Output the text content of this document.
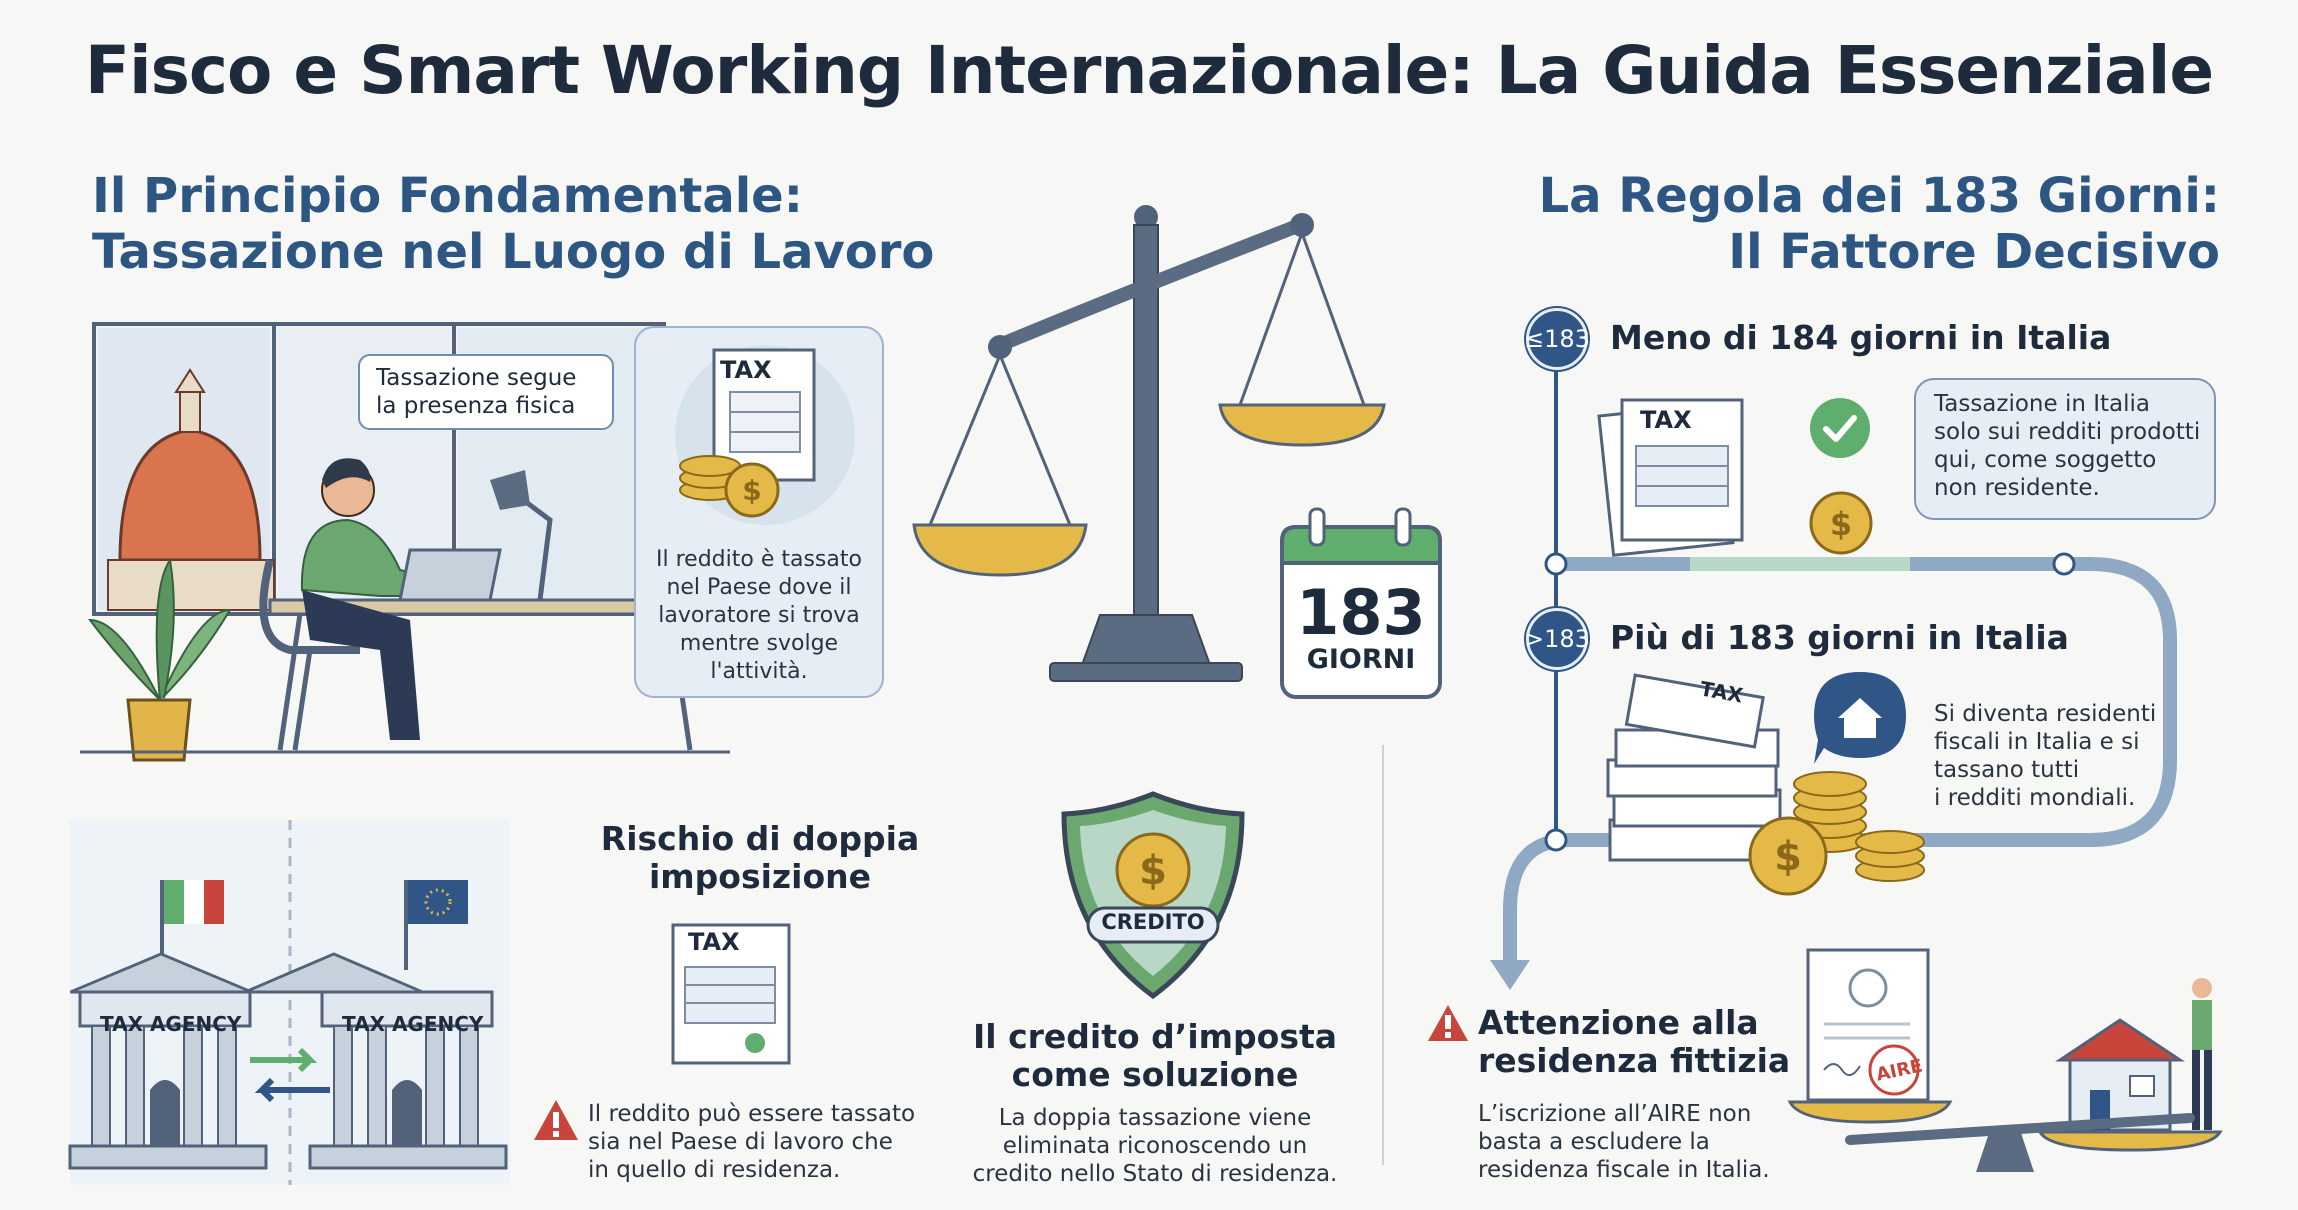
Fisco e Smart Working Internazionale: La Guida Essenziale
Il Principio Fondamentale:
Tassazione nel Luogo di Lavoro
La Regola dei 183 Giorni:
Il Fattore Decisivo
Tassazione segue
la presenza fisica
$
TAX
Il reddito è tassato
nel Paese dove il
lavoratore si trova
mentre svolge
l'attività.
183
GIORNI
TAX AGENCY	TAX AGENCY
Rischio di doppia
imposizione
TAX
Il reddito può essere tassato
sia nel Paese di lavoro che
in quello di residenza.
$
CREDITO
Il credito d’imposta
come soluzione
La doppia tassazione viene
eliminata riconoscendo un
credito nello Stato di residenza.
≤183 Meno di 184 giorni in Italia
TAX
$
Tassazione in Italia
solo sui redditi prodotti
qui, come soggetto
non residente.
>183 Più di 183 giorni in Italia
$
TAX
Si diventa residenti
fiscali in Italia e si
tassano tutti
i redditi mondiali.
Attenzione alla
residenza fittizia
L’iscrizione all’AIRE non
basta a escludere la
residenza fiscale in Italia.
AIRE
